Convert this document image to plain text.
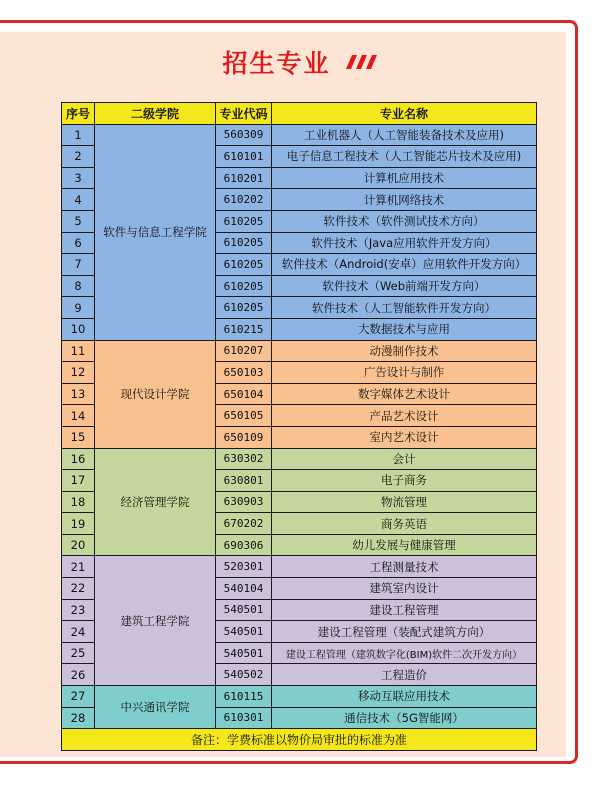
招生专业
序号	二级学院	专业代码	专业名称
1	软件与信息工程学院	560309	工业机器人（人工智能装备技术及应用)
2		610101	电子信息工程技术（人工智能芯片技术及应用)
3		610201	计算机应用技术
4		610202	计算机网络技术
5		610205	软件技术（软件测试技术方向）
6		610205	软件技术（Java应用软件开发方向）
7		610205	软件技术（Android(安卓）应用软件开发方向）
8		610205	软件技术（Web前端开发方向）
9		610205	软件技术（人工智能软件开发方向）
10		610215	大数据技术与应用
11	现代设计学院	610207	动漫制作技术
12		650103	广告设计与制作
13		650104	数字媒体艺术设计
14		650105	产品艺术设计
15		650109	室内艺术设计
16	经济管理学院	630302	会计
17		630801	电子商务
18		630903	物流管理
19		670202	商务英语
20		690306	幼儿发展与健康管理
21	建筑工程学院	520301	工程测量技术
22		540104	建筑室内设计
23		540501	建设工程管理
24		540501	建设工程管理（装配式建筑方向）
25		540501	建设工程管理（建筑数字化(BIM)软件二次开发方向）
26		540502	工程造价
27	中兴通讯学院	610115	移动互联应用技术
28		610301	通信技术（5G智能网）
备注：学费标准以物价局审批的标准为准			
